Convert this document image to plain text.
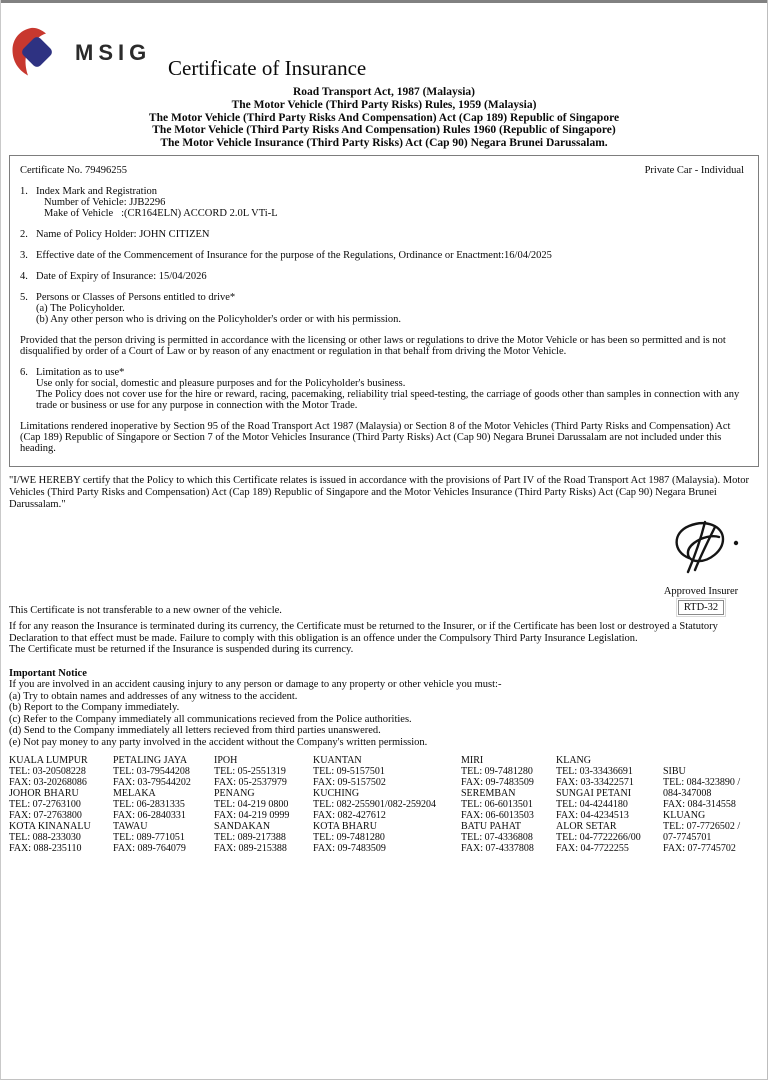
MSIG
Certificate of Insurance
Road Transport Act, 1987 (Malaysia)
The Motor Vehicle (Third Party Risks) Rules, 1959 (Malaysia)
The Motor Vehicle (Third Party Risks And Compensation) Act (Cap 189) Republic of Singapore
The Motor Vehicle (Third Party Risks And Compensation) Rules 1960 (Republic of Singapore)
The Motor Vehicle Insurance (Third Party Risks) Act (Cap 90) Negara Brunei Darussalam.
Certificate No. 79496255	Private Car - Individual
1. Index Mark and Registration
Number of Vehicle: JJB2296
Make of Vehicle   :(CR164ELN) ACCORD 2.0L VTi-L
2. Name of Policy Holder: JOHN CITIZEN
3. Effective date of the Commencement of Insurance for the purpose of the Regulations, Ordinance or Enactment:16/04/2025
4. Date of Expiry of Insurance: 15/04/2026
5. Persons or Classes of Persons entitled to drive*
(a) The Policyholder.
(b) Any other person who is driving on the Policyholder's order or with his permission.
Provided that the person driving is permitted in accordance with the licensing or other laws or regulations to drive the Motor Vehicle or has been so permitted and is not disqualified by order of a Court of Law or by reason of any enactment or regulation in that behalf from driving the Motor Vehicle.
6. Limitation as to use*
Use only for social, domestic and pleasure purposes and for the Policyholder's business.
The Policy does not cover use for the hire or reward, racing, pacemaking, reliability trial speed-testing, the carriage of goods other than samples in connection with any trade or business or use for any purpose in connection with the Motor Trade.
Limitations rendered inoperative by Section 95 of the Road Transport Act 1987 (Malaysia) or Section 8 of the Motor Vehicles (Third Party Risks and Compensation) Act (Cap 189) Republic of Singapore or Section 7 of the Motor Vehicles Insurance (Third Party Risks) Act (Cap 90) Negara Brunei Darussalam are not included under this heading.

"I/WE HEREBY certify that the Policy to which this Certificate relates is issued in accordance with the provisions of Part IV of the Road Transport Act 1987 (Malaysia). Motor Vehicles (Third Party Risks and Compensation) Act (Cap 189) Republic of Singapore and the Motor Vehicles Insurance (Third Party Risks) Act (Cap 90) Negara Brunei Darussalam."

Approved Insurer
RTD-32

This Certificate is not transferable to a new owner of the vehicle.

If for any reason the Insurance is terminated during its currency, the Certificate must be returned to the Insurer, or if the Certificate has been lost or destroyed a Statutory Declaration to that effect must be made. Failure to comply with this obligation is an offence under the Compulsory Third Party Insurance Legislation.

The Certificate must be returned if the Insurance is suspended during its currency.

Important Notice
If you are involved in an accident causing injury to any person or damage to any property or other vehicle you must:-
(a) Try to obtain names and addresses of any witness to the accident.
(b) Report to the Company immediately.
(c) Refer to the Company immediately all communications recieved from the Police authorities.
(d) Send to the Company immediately all letters recieved from third parties unanswered.
(e) Not pay money to any party involved in the accident without the Company's written permission.
KUALA LUMPUR
TEL: 03-20508228
FAX: 03-20268086
JOHOR BHARU
TEL: 07-2763100
FAX: 07-2763800
KOTA KINANALU
TEL: 088-233030
FAX: 088-235110
PETALING JAYA
TEL: 03-79544208
FAX: 03-79544202
MELAKA
TEL: 06-2831335
FAX: 06-2840331
TAWAU
TEL: 089-771051
FAX: 089-764079
IPOH
TEL: 05-2551319
FAX: 05-2537979
PENANG
TEL: 04-219 0800
FAX: 04-219 0999
SANDAKAN
TEL: 089-217388
FAX: 089-215388
KUANTAN
TEL: 09-5157501
FAX: 09-5157502
KUCHING
TEL: 082-255901/082-259204
FAX: 082-427612
KOTA BHARU
TEL: 09-7481280
FAX: 09-7483509
MIRI
TEL: 09-7481280
FAX: 09-7483509
SEREMBAN
TEL: 06-6013501
FAX: 06-6013503
BATU PAHAT
TEL: 07-4336808
FAX: 07-4337808
KLANG
TEL: 03-33436691
FAX: 03-33422571
SUNGAI PETANI
TEL: 04-4244180
FAX: 04-4234513
ALOR SETAR
TEL: 04-7722266/00
FAX: 04-7722255
SIBU
TEL: 084-323890 /
084-347008
FAX: 084-314558
KLUANG
TEL: 07-7726502 /
07-7745701
FAX: 07-7745702
